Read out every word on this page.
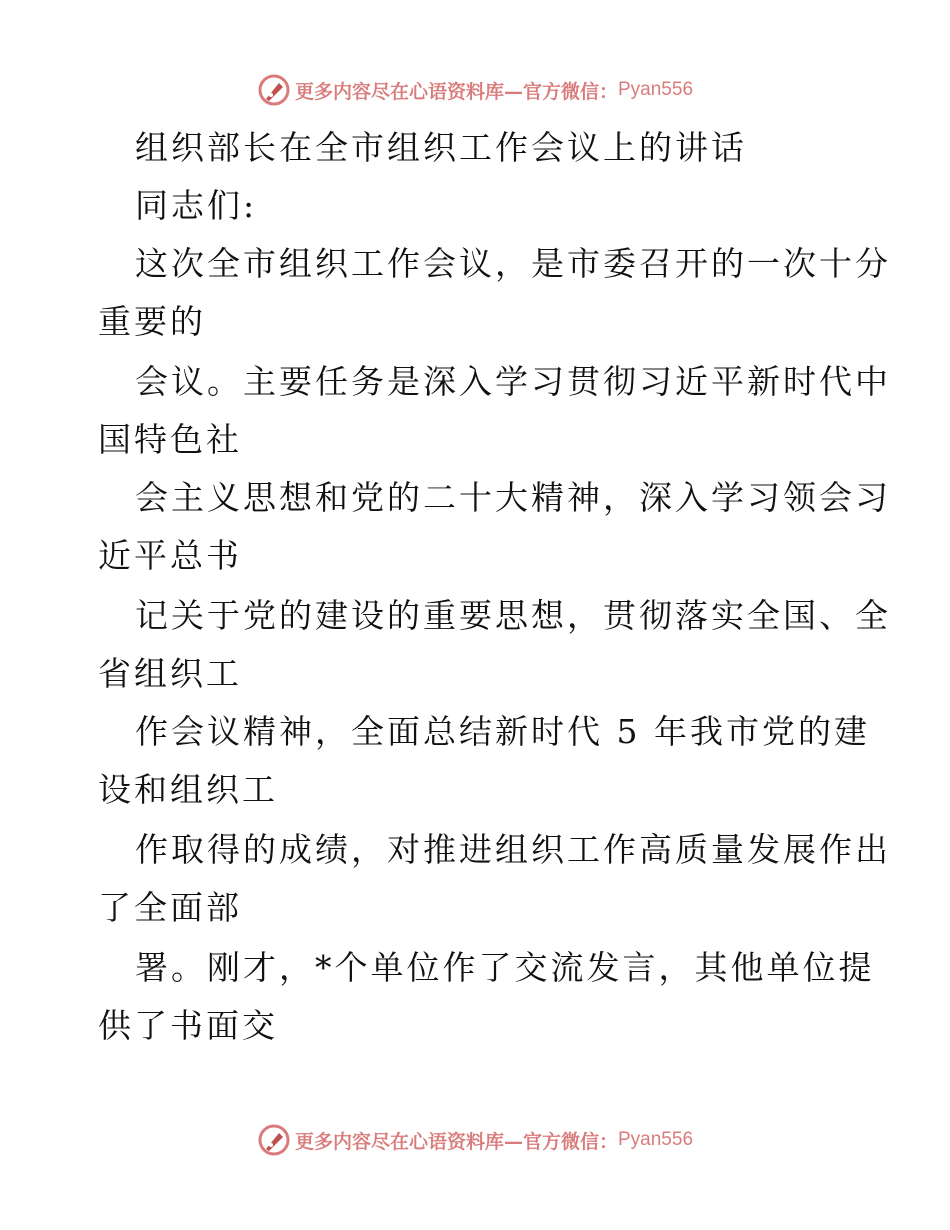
更多内容尽在心语资料库—官方微信： Pyan556
组织部长在全市组织工作会议上的讲话
同志们:
这次全市组织工作会议，是市委召开的一次十分
重要的
会议。主要任务是深入学习贯彻习近平新时代中
国特色社
会主义思想和党的二十大精神，深入学习领会习
近平总书
记关于党的建设的重要思想，贯彻落实全国、全
省组织工
作会议精神，全面总结新时代 5 年我市党的建
设和组织工
作取得的成绩，对推进组织工作高质量发展作出
了全面部
署。刚才，*个单位作了交流发言，其他单位提
供了书面交
更多内容尽在心语资料库—官方微信： Pyan556
